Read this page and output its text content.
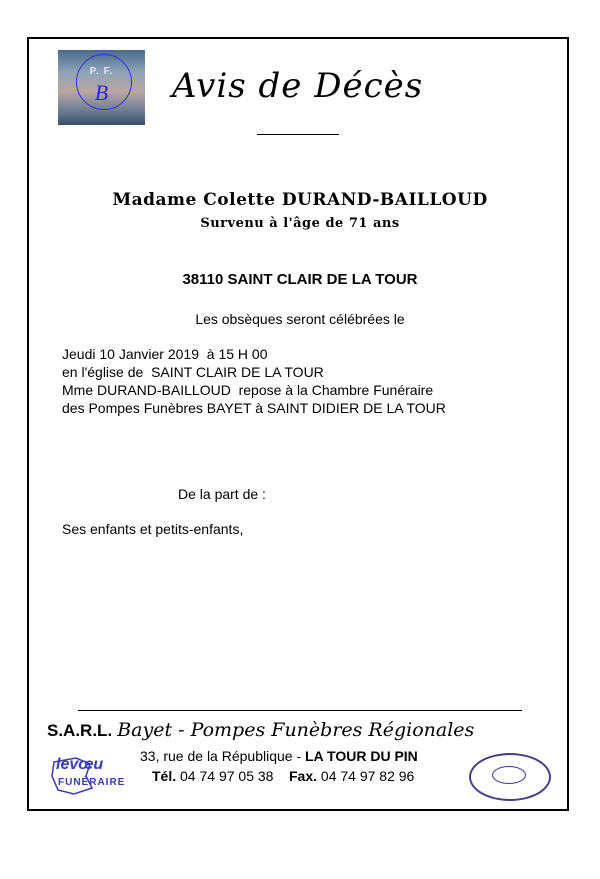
P. F.
B	Avis de Décès
Madame Colette DURAND-BAILLOUD
Survenu à l'âge de 71 ans
38110 SAINT CLAIR DE LA TOUR
Les obsèques seront célébrées le
Jeudi 10 Janvier 2019  à 15 H 00
en l'église de  SAINT CLAIR DE LA TOUR
Mme DURAND-BAILLOUD  repose à la Chambre Funéraire
des Pompes Funèbres BAYET à SAINT DIDIER DE LA TOUR
De la part de :
Ses enfants et petits-enfants,
S.A.R.L. Bayet - Pompes Funèbres Régionales
33, rue de la République - LA TOUR DU PIN
Tél. 04 74 97 05 38 Fax. 04 74 97 82 96
levœu
FUNÉRAIRE
